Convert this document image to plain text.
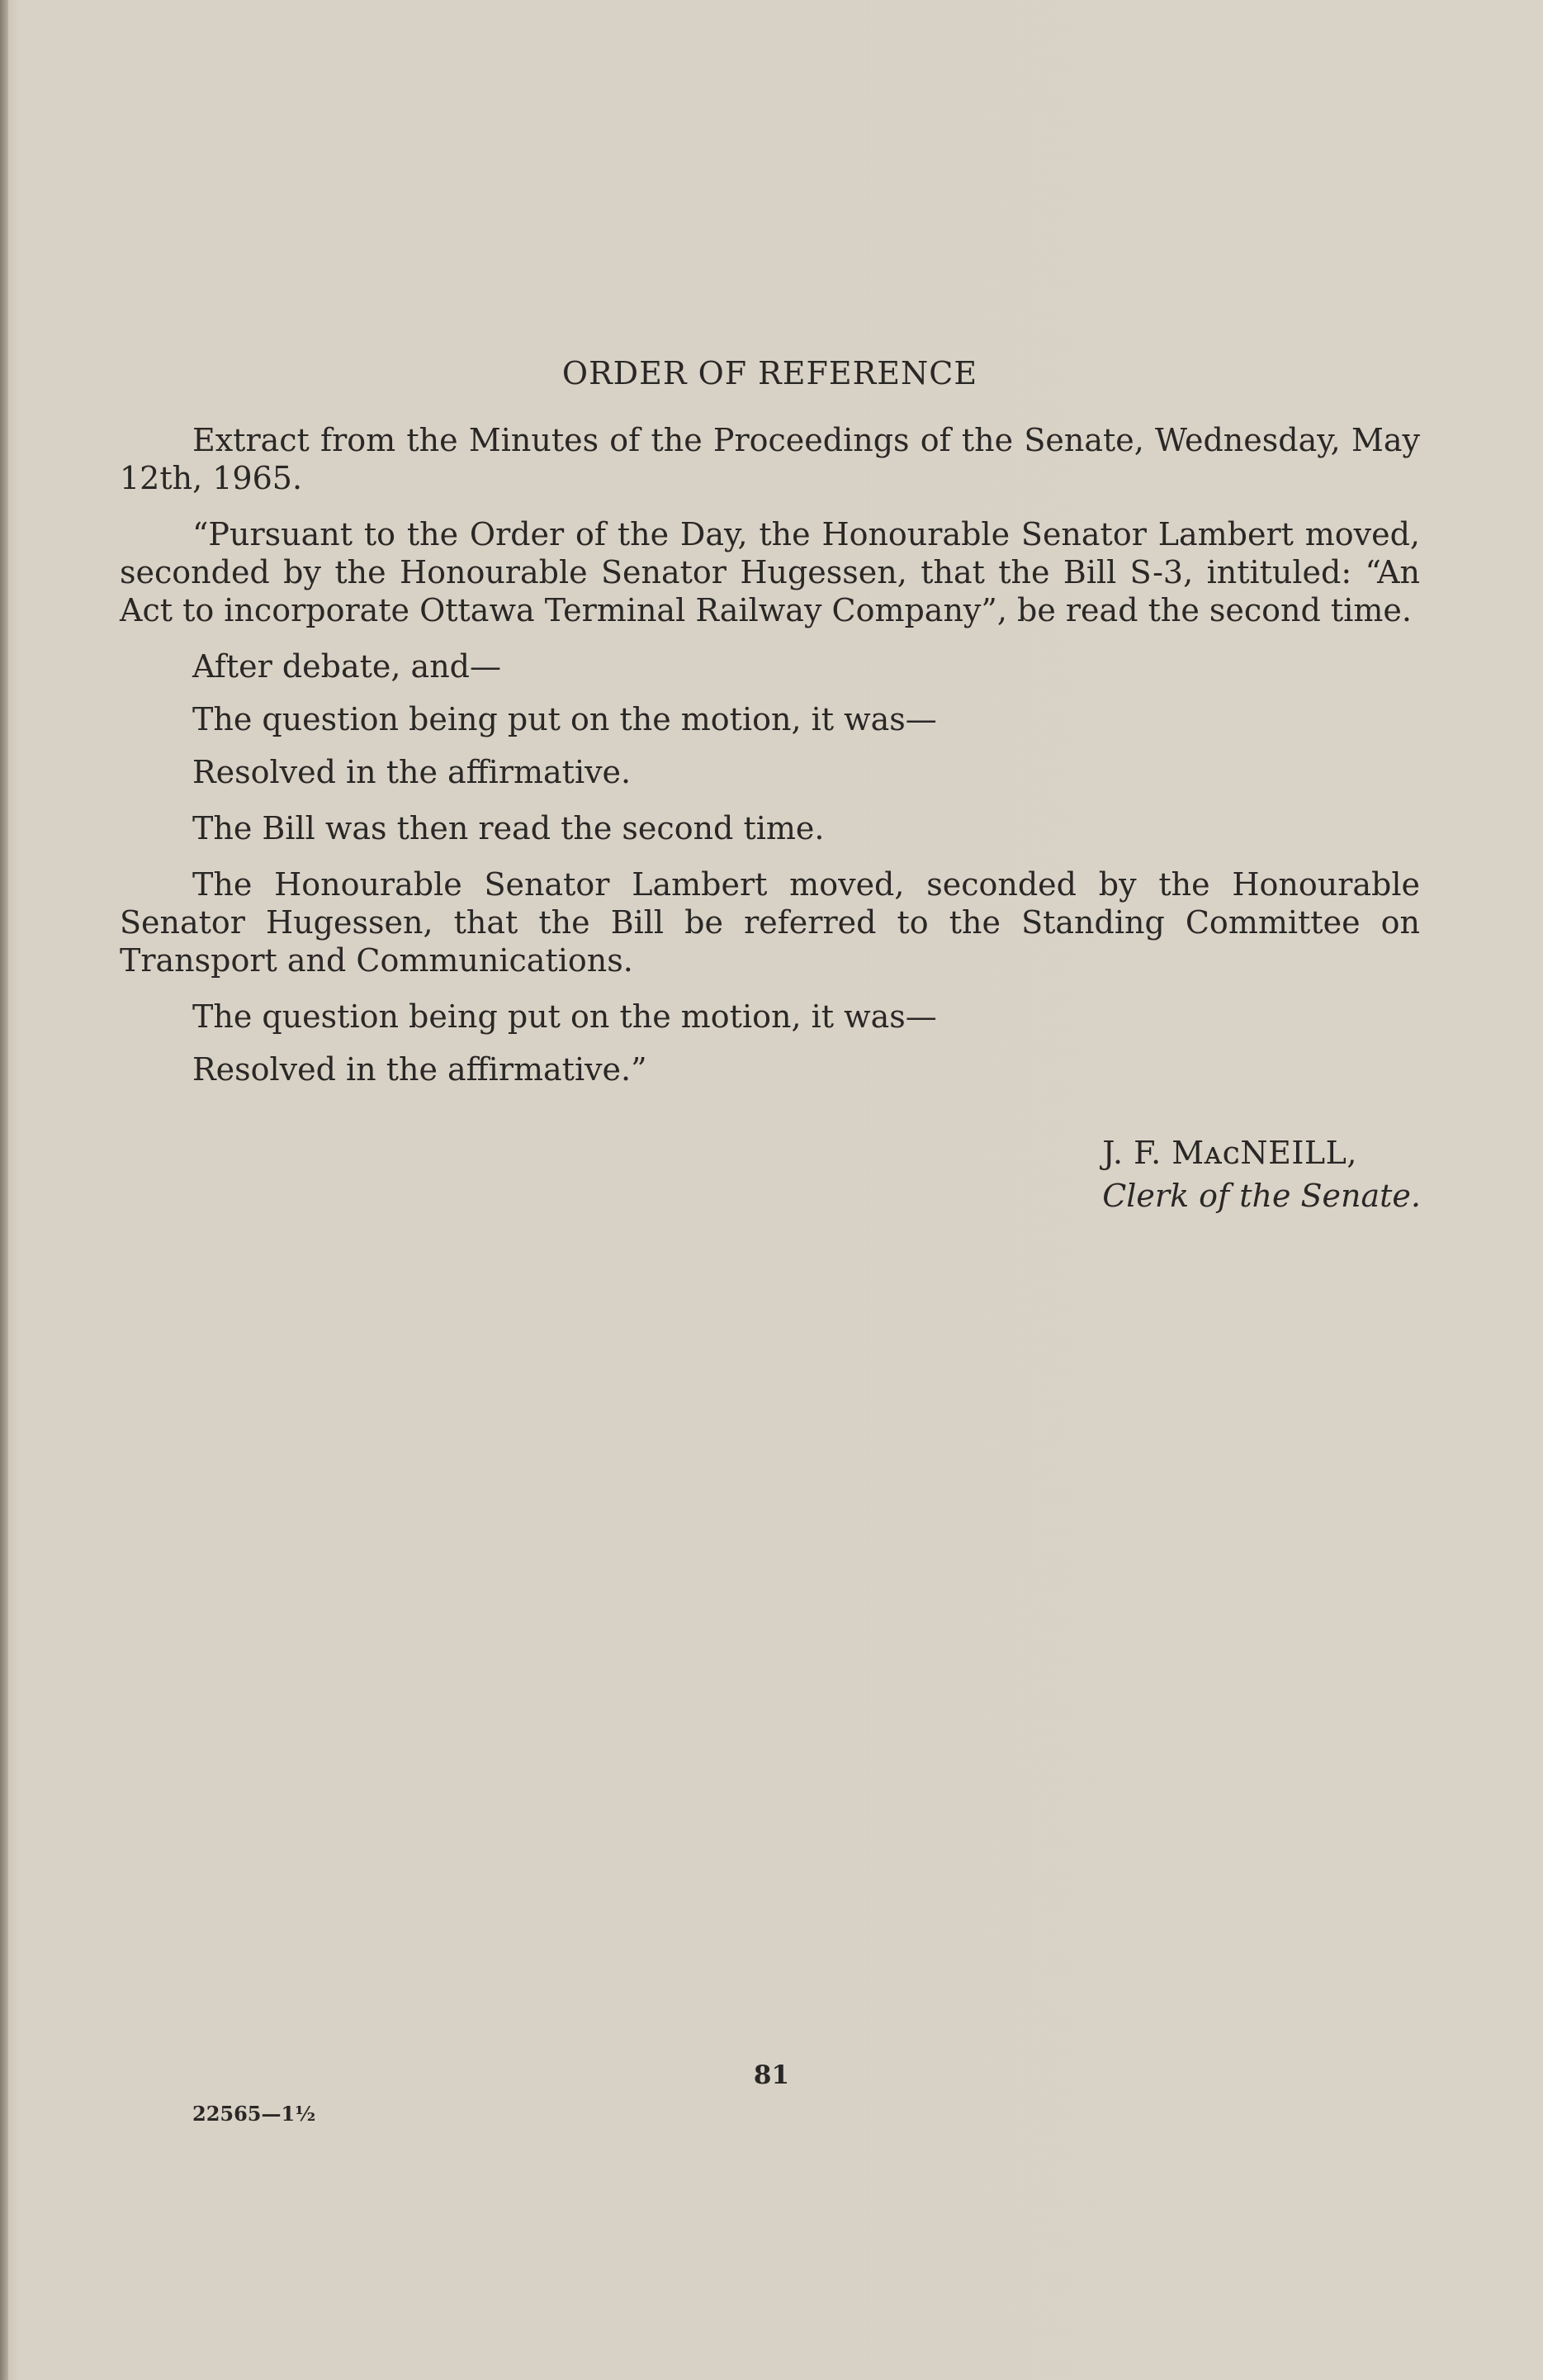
ORDER OF REFERENCE

Extract from the Minutes of the Proceedings of the Senate, Wednesday, May 12th, 1965.

“Pursuant to the Order of the Day, the Honourable Senator Lambert moved, seconded by the Honourable Senator Hugessen, that the Bill S-3, intituled: “An Act to incorporate Ottawa Terminal Railway Company”, be read the second time.

After debate, and—

The question being put on the motion, it was—

Resolved in the affirmative.

The Bill was then read the second time.

The Honourable Senator Lambert moved, seconded by the Honourable Senator Hugessen, that the Bill be referred to the Standing Committee on Transport and Communications.

The question being put on the motion, it was—

Resolved in the affirmative.”

J. F. MᴀᴄNEILL,
Clerk of the Senate.
81
22565—1½
